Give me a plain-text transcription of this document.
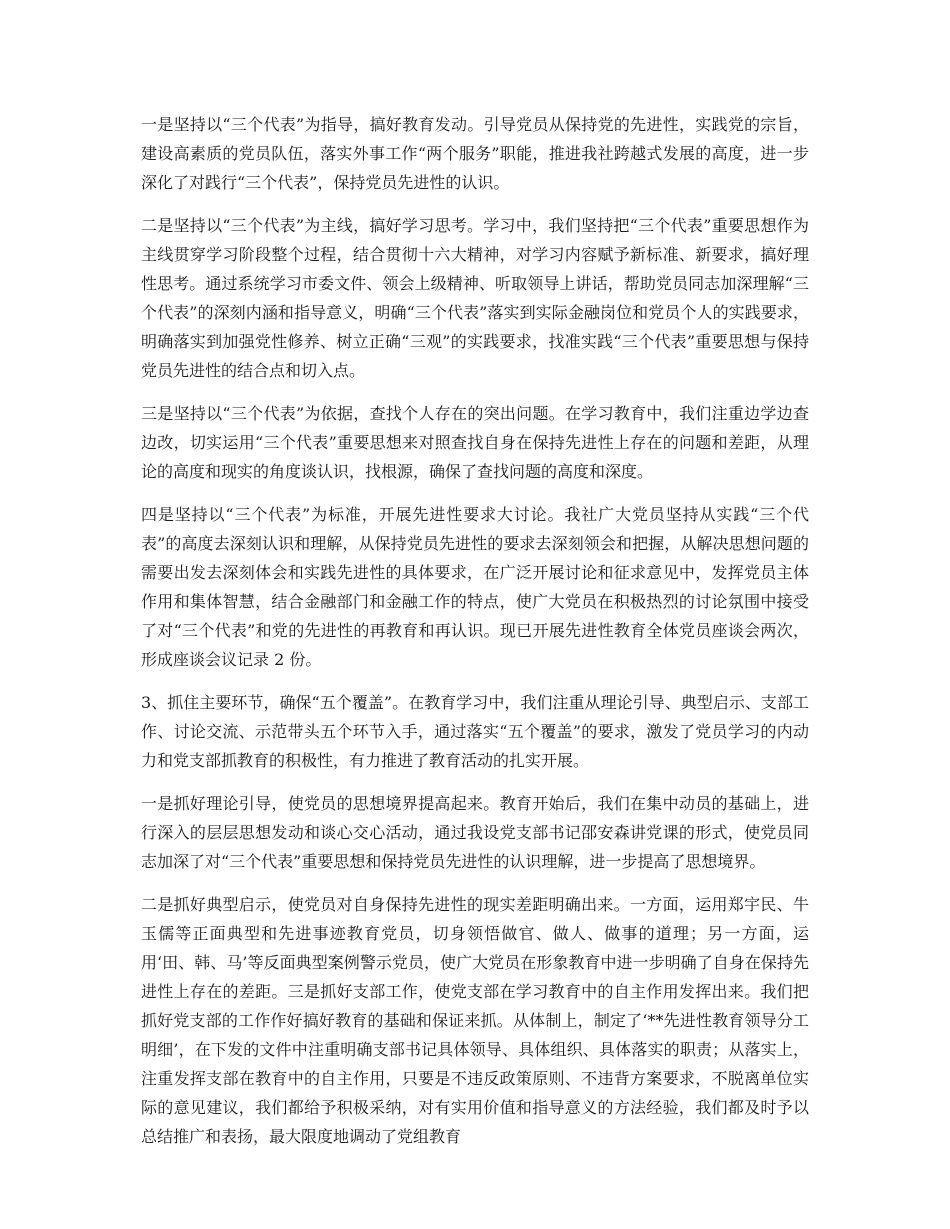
一是坚持以“三个代表”为指导，搞好教育发动。引导党员从保持党的先进性，实践党的宗旨，建设高素质的党员队伍，落实外事工作“两个服务”职能，推进我社跨越式发展的高度，进一步深化了对践行“三个代表”，保持党员先进性的认识。

二是坚持以“三个代表”为主线，搞好学习思考。学习中，我们坚持把“三个代表”重要思想作为主线贯穿学习阶段整个过程，结合贯彻十六大精神，对学习内容赋予新标准、新要求，搞好理性思考。通过系统学习市委文件、领会上级精神、听取领导上讲话，帮助党员同志加深理解“三个代表”的深刻内涵和指导意义，明确“三个代表”落实到实际金融岗位和党员个人的实践要求，明确落实到加强党性修养、树立正确“三观”的实践要求，找准实践“三个代表”重要思想与保持党员先进性的结合点和切入点。

三是坚持以“三个代表”为依据，查找个人存在的突出问题。在学习教育中，我们注重边学边查边改，切实运用“三个代表”重要思想来对照查找自身在保持先进性上存在的问题和差距，从理论的高度和现实的角度谈认识，找根源，确保了查找问题的高度和深度。

四是坚持以“三个代表”为标准，开展先进性要求大讨论。我社广大党员坚持从实践“三个代表”的高度去深刻认识和理解，从保持党员先进性的要求去深刻领会和把握，从解决思想问题的需要出发去深刻体会和实践先进性的具体要求，在广泛开展讨论和征求意见中，发挥党员主体作用和集体智慧，结合金融部门和金融工作的特点，使广大党员在积极热烈的讨论氛围中接受了对“三个代表”和党的先进性的再教育和再认识。现已开展先进性教育全体党员座谈会两次，形成座谈会议记录 2 份。

3、抓住主要环节，确保“五个覆盖”。在教育学习中，我们注重从理论引导、典型启示、支部工作、讨论交流、示范带头五个环节入手，通过落实“五个覆盖”的要求，激发了党员学习的内动力和党支部抓教育的积极性，有力推进了教育活动的扎实开展。

一是抓好理论引导，使党员的思想境界提高起来。教育开始后，我们在集中动员的基础上，进行深入的层层思想发动和谈心交心活动，通过我设党支部书记邵安森讲党课的形式，使党员同志加深了对“三个代表”重要思想和保持党员先进性的认识理解，进一步提高了思想境界。

二是抓好典型启示，使党员对自身保持先进性的现实差距明确出来。一方面，运用郑宇民、牛玉儒等正面典型和先进事迹教育党员，切身领悟做官、做人、做事的道理；另一方面，运用‘田、韩、马’等反面典型案例警示党员，使广大党员在形象教育中进一步明确了自身在保持先进性上存在的差距。三是抓好支部工作，使党支部在学习教育中的自主作用发挥出来。我们把抓好党支部的工作作好搞好教育的基础和保证来抓。从体制上，制定了‘**先进性教育领导分工明细’，在下发的文件中注重明确支部书记具体领导、具体组织、具体落实的职责；从落实上，注重发挥支部在教育中的自主作用，只要是不违反政策原则、不违背方案要求，不脱离单位实际的意见建议，我们都给予积极采纳，对有实用价值和指导意义的方法经验，我们都及时予以总结推广和表扬，最大限度地调动了党组教育
